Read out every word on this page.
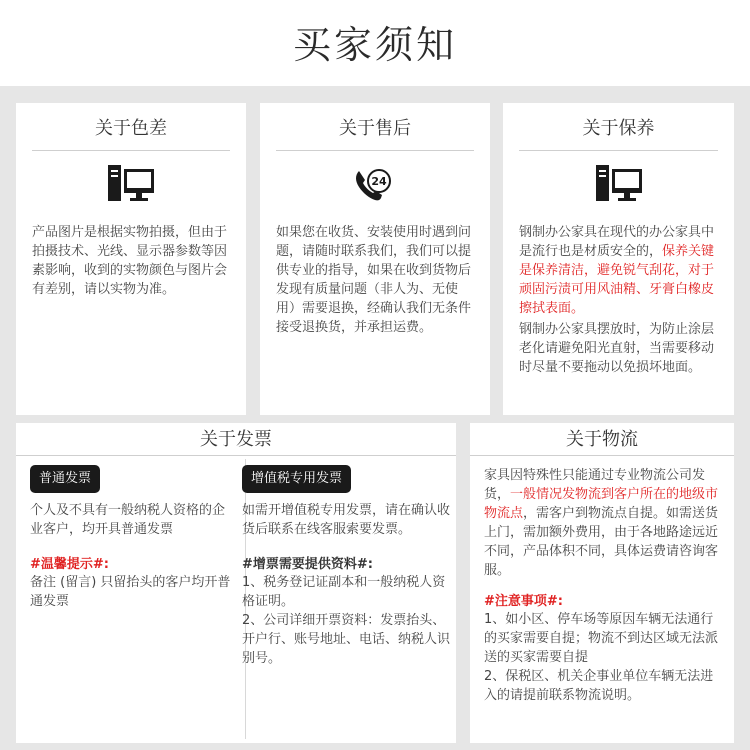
买家须知
关于色差
产品图片是根据实物拍摄，但由于拍摄技术、光线、显示器参数等因素影响，收到的实物颜色与图片会有差别，请以实物为准。
关于售后
24
如果您在收货、安装使用时遇到问题，请随时联系我们，我们可以提供专业的指导，如果在收到货物后发现有质量问题（非人为、无使用）需要退换，经确认我们无条件接受退换货，并承担运费。
关于保养
钢制办公家具在现代的办公家具中是流行也是材质安全的，保养关键是保养清洁，避免锐气刮花，对于顽固污渍可用风油精、牙膏白橡皮擦拭表面。
钢制办公家具摆放时，为防止涂层老化请避免阳光直射，当需要移动时尽量不要拖动以免损坏地面。
关于发票
普通发票
个人及不具有一般纳税人资格的企业客户，均开具普通发票
#温馨提示#:
备注 (留言) 只留抬头的客户均开普通发票
增值税专用发票
如需开增值税专用发票，请在确认收货后联系在线客服索要发票。
#增票需要提供资料#:
1、税务登记证副本和一般纳税人资格证明。
2、公司详细开票资料：发票抬头、开户行、账号地址、电话、纳税人识别号。
关于物流
家具因特殊性只能通过专业物流公司发货，一般情况发物流到客户所在的地级市物流点，需客户到物流点自提。如需送货上门，需加额外费用，由于各地路途远近不同，产品体积不同，具体运费请咨询客服。
#注意事项#:
1、如小区、停车场等原因车辆无法通行的买家需要自提；物流不到达区域无法派送的买家需要自提
2、保税区、机关企事业单位车辆无法进入的请提前联系物流说明。
